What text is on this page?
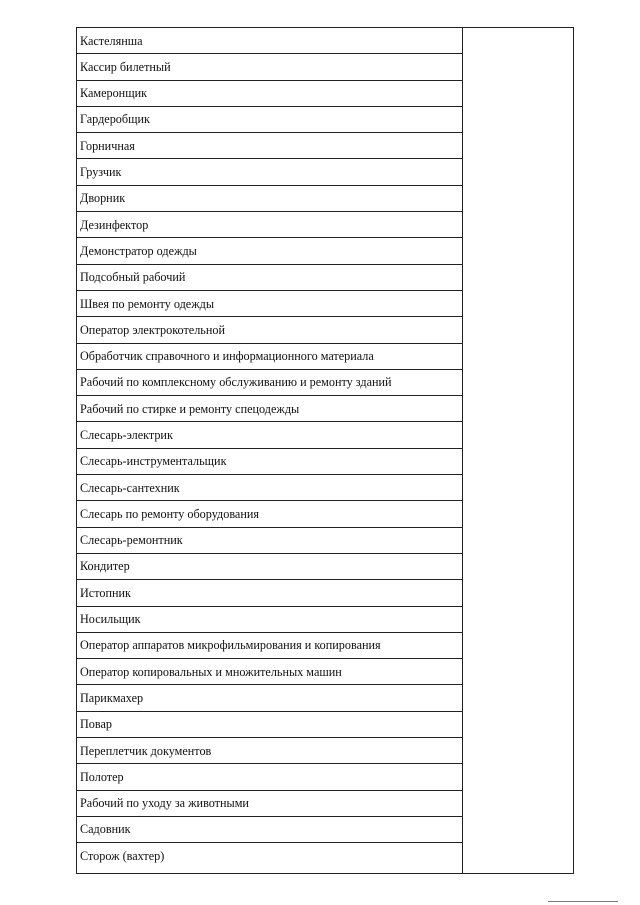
Кастелянша
Кассир билетный
Камеронщик
Гардеробщик
Горничная
Грузчик
Дворник
Дезинфектор
Демонстратор одежды
Подсобный рабочий
Швея по ремонту одежды
Оператор электрокотельной
Обработчик справочного и информационного материала
Рабочий по комплексному обслуживанию и ремонту зданий
Рабочий по стирке и ремонту спецодежды
Слесарь-электрик
Слесарь-инструментальщик
Слесарь-сантехник
Слесарь по ремонту оборудования
Слесарь-ремонтник
Кондитер
Истопник
Носильщик
Оператор аппаратов микрофильмирования и копирования
Оператор копировальных и множительных машин
Парикмахер
Повар
Переплетчик документов
Полотер
Рабочий по уходу за животными
Садовник
Сторож (вахтер)
